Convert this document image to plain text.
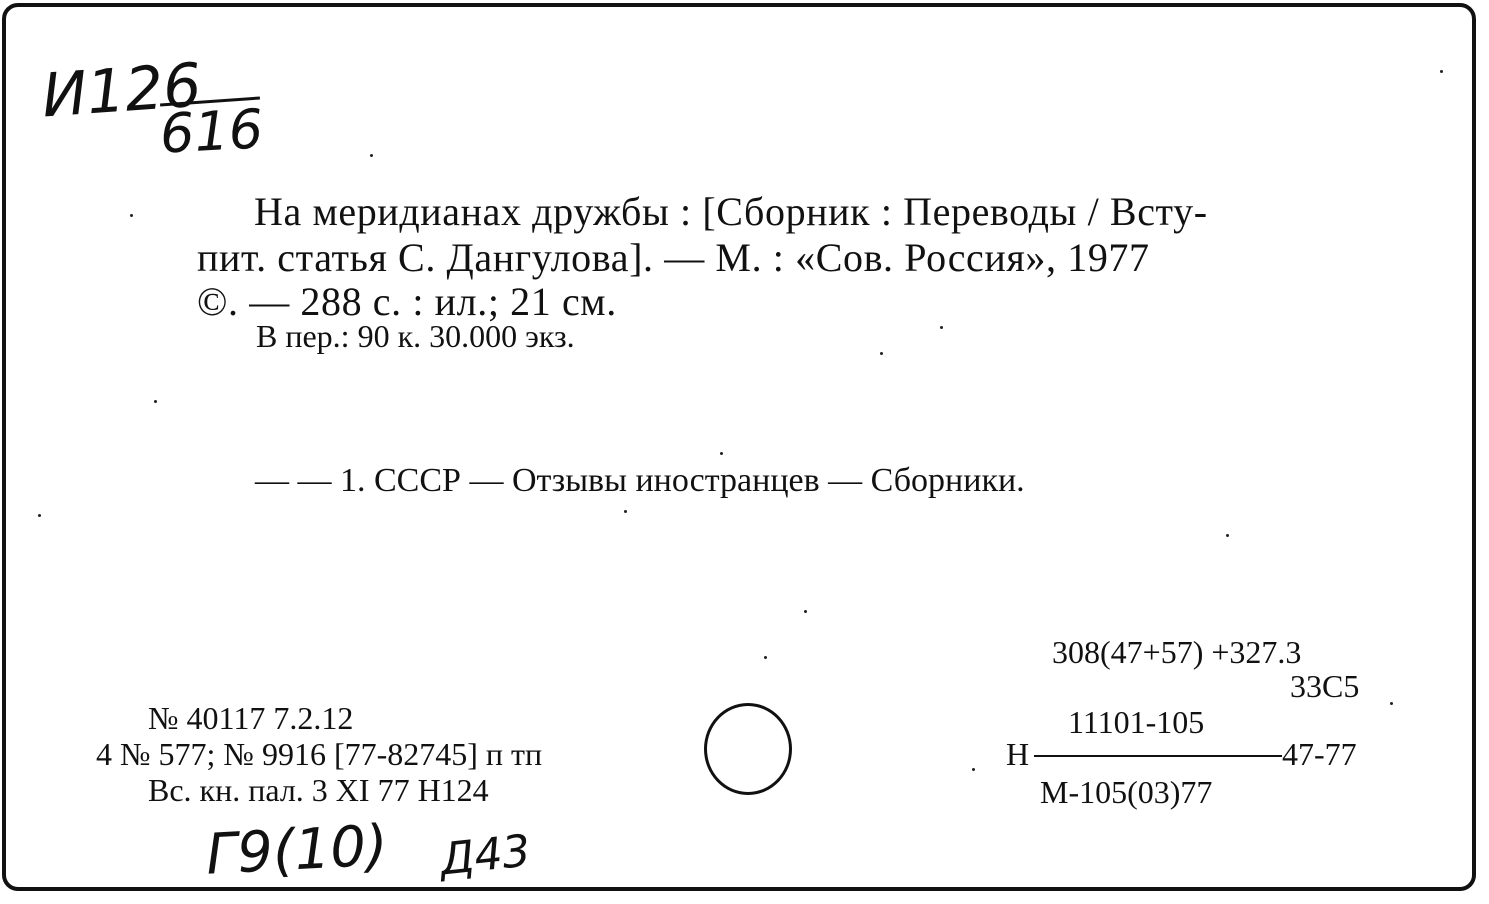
И126
616
На меридианах дружбы : [Сборник : Переводы / Всту-
пит. статья С. Дангулова]. — М. : «Сов. Россия», 1977
©. — 288 с. : ил.; 21 см.
В пер.: 90 к. 30.000 экз.
— — 1. СССР — Отзывы иностранцев — Сборники.
308(47+57) +327.3
33С5
11101-105
Н	47-77
М-105(03)77
№ 40117 7.2.12
4 № 577; № 9916 [77-82745] п тп
Вс. кн. пал. 3 XI 77 Н124
Г9(10) Д43
